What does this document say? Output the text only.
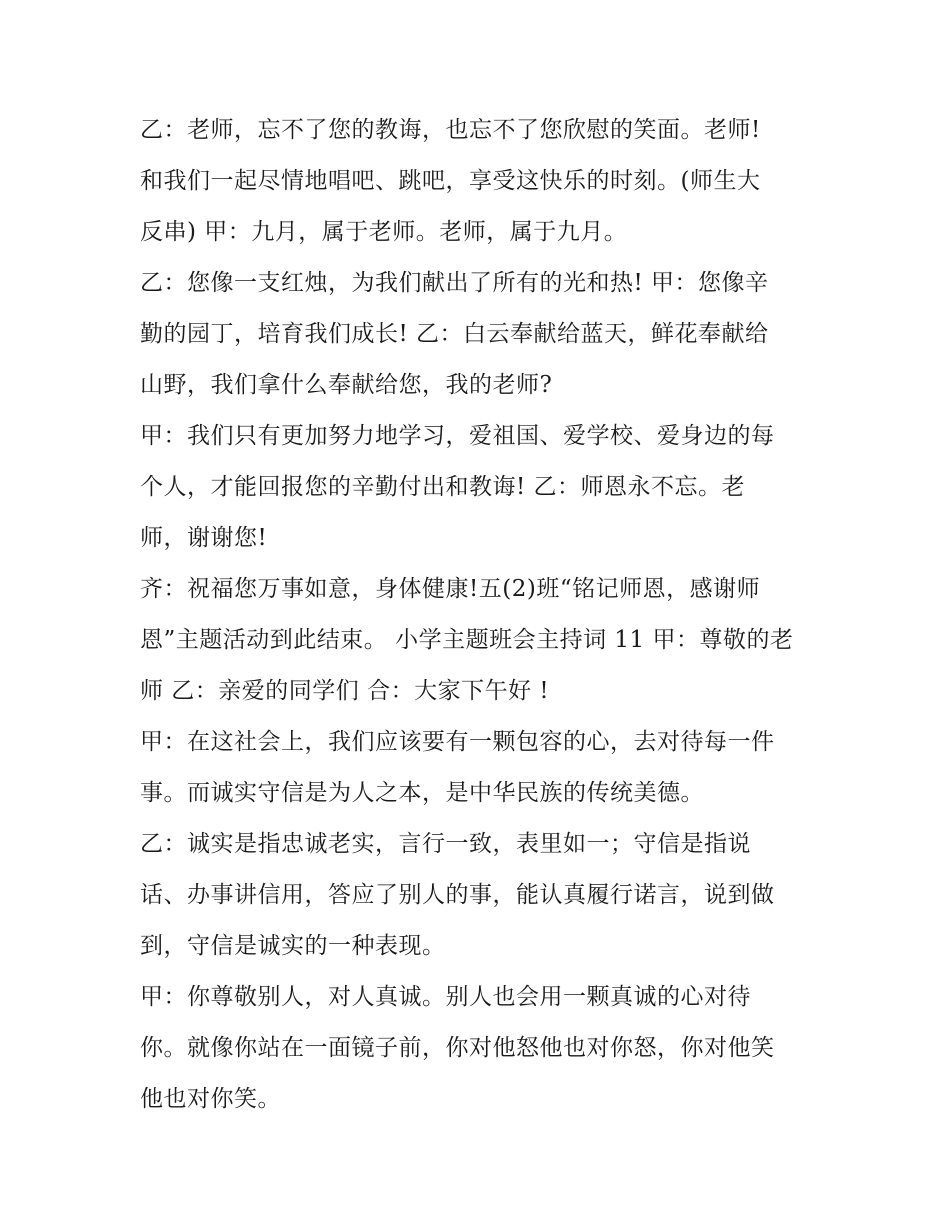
乙：老师，忘不了您的教诲，也忘不了您欣慰的笑面。老师!
和我们一起尽情地唱吧、跳吧，享受这快乐的时刻。(师生大
反串) 甲：九月，属于老师。老师，属于九月。

乙：您像一支红烛，为我们献出了所有的光和热! 甲：您像辛
勤的园丁，培育我们成长! 乙：白云奉献给蓝天，鲜花奉献给
山野，我们拿什么奉献给您，我的老师?

甲：我们只有更加努力地学习，爱祖国、爱学校、爱身边的每
个人，才能回报您的辛勤付出和教诲! 乙：师恩永不忘。老
师，谢谢您!

齐：祝福您万事如意，身体健康!五(2)班“铭记师恩，感谢师
恩”主题活动到此结束。 小学主题班会主持词 11 甲：尊敬的老
师 乙：亲爱的同学们 合：大家下午好 !

甲：在这社会上，我们应该要有一颗包容的心，去对待每一件
事。而诚实守信是为人之本，是中华民族的传统美德。

乙：诚实是指忠诚老实，言行一致，表里如一；守信是指说
话、办事讲信用，答应了别人的事，能认真履行诺言，说到做
到，守信是诚实的一种表现。

甲：你尊敬别人，对人真诚。别人也会用一颗真诚的心对待
你。就像你站在一面镜子前，你对他怒他也对你怒，你对他笑
他也对你笑。
